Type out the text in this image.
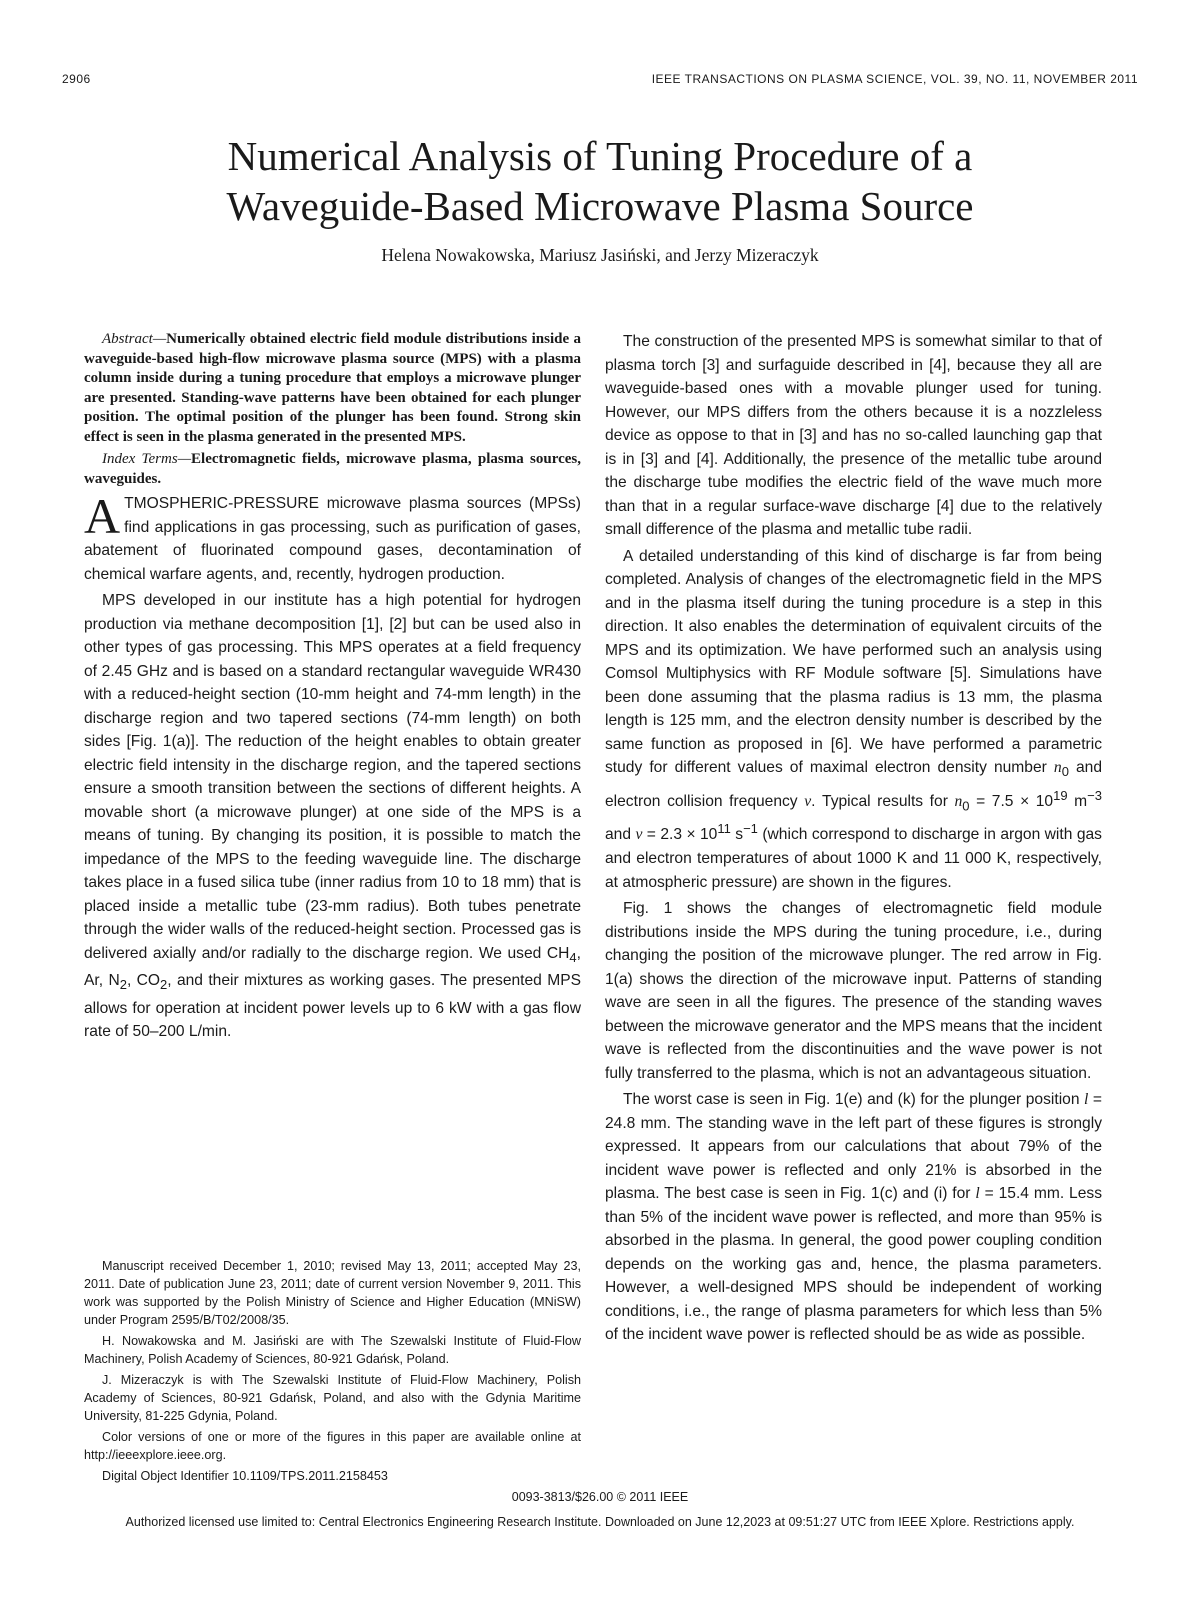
2906	IEEE TRANSACTIONS ON PLASMA SCIENCE, VOL. 39, NO. 11, NOVEMBER 2011
Numerical Analysis of Tuning Procedure of a
Waveguide-Based Microwave Plasma Source
Helena Nowakowska, Mariusz Jasiński, and Jerzy Mizeraczyk

Abstract—Numerically obtained electric field module distributions inside a waveguide-based high-flow microwave plasma source (MPS) with a plasma column inside during a tuning procedure that employs a microwave plunger are presented. Standing-wave patterns have been obtained for each plunger position. The optimal position of the plunger has been found. Strong skin effect is seen in the plasma generated in the presented MPS.

Index Terms—Electromagnetic fields, microwave plasma, plasma sources, waveguides.

ATMOSPHERIC-PRESSURE microwave plasma sources (MPSs) find applications in gas processing, such as purification of gases, abatement of fluorinated compound gases, decontamination of chemical warfare agents, and, recently, hydrogen production.

MPS developed in our institute has a high potential for hydrogen production via methane decomposition [1], [2] but can be used also in other types of gas processing. This MPS operates at a field frequency of 2.45 GHz and is based on a standard rectangular waveguide WR430 with a reduced-height section (10-mm height and 74-mm length) in the discharge region and two tapered sections (74-mm length) on both sides [Fig. 1(a)]. The reduction of the height enables to obtain greater electric field intensity in the discharge region, and the tapered sections ensure a smooth transition between the sections of different heights. A movable short (a microwave plunger) at one side of the MPS is a means of tuning. By changing its position, it is possible to match the impedance of the MPS to the feeding waveguide line. The discharge takes place in a fused silica tube (inner radius from 10 to 18 mm) that is placed inside a metallic tube (23-mm radius). Both tubes penetrate through the wider walls of the reduced-height section. Processed gas is delivered axially and/or radially to the discharge region. We used $CH_4$, Ar, $N_2$, $CO_2$, and their mixtures as working gases. The presented MPS allows for operation at incident power levels up to 6 kW with a gas flow rate of 50–200 L/min.

Manuscript received December 1, 2010; revised May 13, 2011; accepted May 23, 2011. Date of publication June 23, 2011; date of current version November 9, 2011. This work was supported by the Polish Ministry of Science and Higher Education (MNiSW) under Program 2595/B/T02/2008/35.

H. Nowakowska and M. Jasiński are with The Szewalski Institute of Fluid-Flow Machinery, Polish Academy of Sciences, 80-921 Gdańsk, Poland.

J. Mizeraczyk is with The Szewalski Institute of Fluid-Flow Machinery, Polish Academy of Sciences, 80-921 Gdańsk, Poland, and also with the Gdynia Maritime University, 81-225 Gdynia, Poland.

Color versions of one or more of the figures in this paper are available online at http://ieeexplore.ieee.org.

Digital Object Identifier 10.1109/TPS.2011.2158453

The construction of the presented MPS is somewhat similar to that of plasma torch [3] and surfaguide described in [4], because they all are waveguide-based ones with a movable plunger used for tuning. However, our MPS differs from the others because it is a nozzleless device as oppose to that in [3] and has no so-called launching gap that is in [3] and [4]. Additionally, the presence of the metallic tube around the discharge tube modifies the electric field of the wave much more than that in a regular surface-wave discharge [4] due to the relatively small difference of the plasma and metallic tube radii.

A detailed understanding of this kind of discharge is far from being completed. Analysis of changes of the electromagnetic field in the MPS and in the plasma itself during the tuning procedure is a step in this direction. It also enables the determination of equivalent circuits of the MPS and its optimization. We have performed such an analysis using Comsol Multiphysics with RF Module software [5]. Simulations have been done assuming that the plasma radius is 13 mm, the plasma length is 125 mm, and the electron density number is described by the same function as proposed in [6]. We have performed a parametric study for different values of maximal electron density number $n_0$ and electron collision frequency ν. Typical results for $n_0 = 7.5 \times 10^{19}$ $m^{-3}$ and $\nu = 2.3 \times 10^{11}$ $s^{-1}$ (which correspond to discharge in argon with gas and electron temperatures of about 1000 K and 11 000 K, respectively, at atmospheric pressure) are shown in the figures.

Fig. 1 shows the changes of electromagnetic field module distributions inside the MPS during the tuning procedure, i.e., during changing the position of the microwave plunger. The red arrow in Fig. 1(a) shows the direction of the microwave input. Patterns of standing wave are seen in all the figures. The presence of the standing waves between the microwave generator and the MPS means that the incident wave is reflected from the discontinuities and the wave power is not fully transferred to the plasma, which is not an advantageous situation.

The worst case is seen in Fig. 1(e) and (k) for the plunger position l = 24.8 mm. The standing wave in the left part of these figures is strongly expressed. It appears from our calculations that about 79% of the incident wave power is reflected and only 21% is absorbed in the plasma. The best case is seen in Fig. 1(c) and (i) for l = 15.4 mm. Less than 5% of the incident wave power is reflected, and more than 95% is absorbed in the plasma. In general, the good power coupling condition depends on the working gas and, hence, the plasma parameters. However, a well-designed MPS should be independent of working conditions, i.e., the range of plasma parameters for which less than 5% of the incident wave power is reflected should be as wide as possible.

0093-3813/$26.00 © 2011 IEEE
Authorized licensed use limited to: Central Electronics Engineering Research Institute. Downloaded on June 12,2023 at 09:51:27 UTC from IEEE Xplore. Restrictions apply.
